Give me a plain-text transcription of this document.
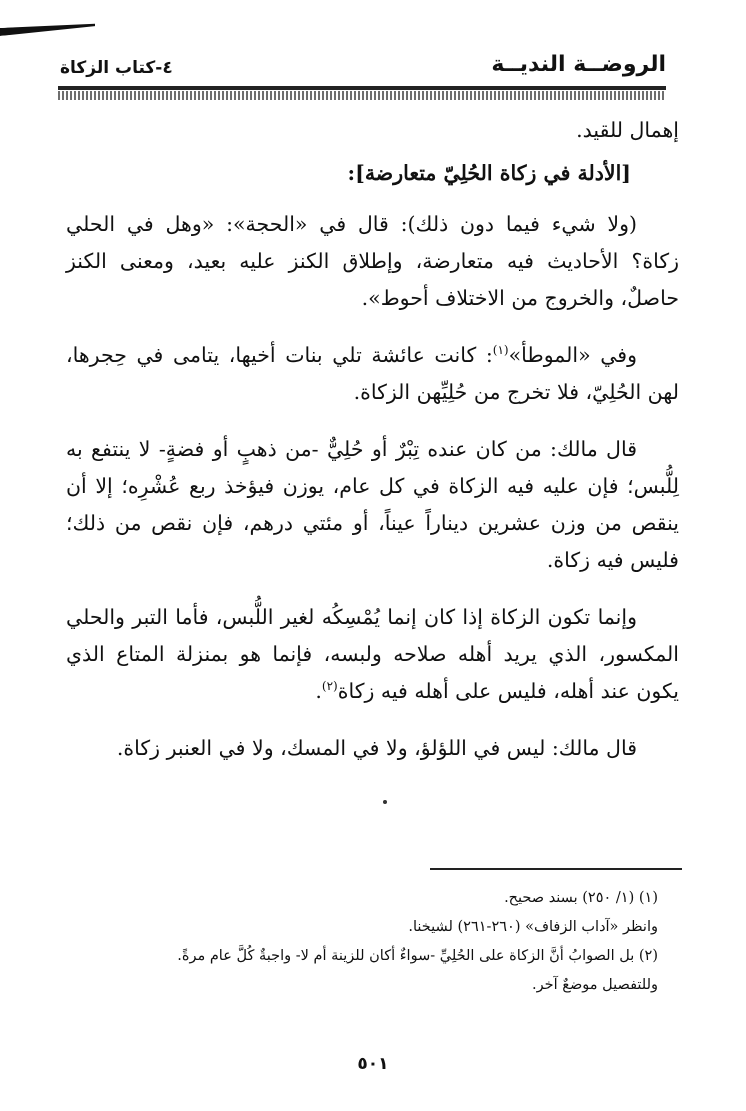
الروضــة النديــة
٤-كتاب الزكاة

إهمال للقيد.

[الأدلة في زكاة الحُلِيّ متعارضة]:

(ولا شيء فيما دون ذلك): قال في «الحجة»: «وهل في الحلي زكاة؟ الأحاديث فيه متعارضة، وإطلاق الكنز عليه بعيد، ومعنى الكنز حاصلٌ، والخروج من الاختلاف أحوط».

وفي «الموطأ»$^{(١)}$: كانت عائشة تلي بنات أخيها، يتامى في حِجرها، لهن الحُلِيّ، فلا تخرج من حُلِيِّهن الزكاة.

قال مالك: من كان عنده تِبْرٌ أو حُلِيٌّ -من ذهبٍ أو فضةٍ- لا ينتفع به لِلُّبس؛ فإن عليه فيه الزكاة في كل عام، يوزن فيؤخذ ربع عُشْرِه؛ إلا أن ينقص من وزن عشرين ديناراً عيناً، أو مئتي درهم، فإن نقص من ذلك؛ فليس فيه زكاة.

وإنما تكون الزكاة إذا كان إنما يُمْسِكُه لغير اللُّبس، فأما التبر والحلي المكسور، الذي يريد أهله صلاحه ولبسه، فإنما هو بمنزلة المتاع الذي يكون عند أهله، فليس على أهله فيه زكاة$^{(٢)}$.

قال مالك: ليس في اللؤلؤ، ولا في المسك، ولا في العنبر زكاة.

(١) (١/ ٢٥٠) بسند صحيح.

وانظر «آداب الزفاف» (٢٦٠-٢٦١) لشيخنا.

(٢) بل الصوابُ أنَّ الزكاة على الحُلِيِّ -سواءٌ أكان للزينة أم لا- واجبةٌ كُلَّ عام مرةً.

وللتفصيل موضعٌ آخر.

٥٠١
